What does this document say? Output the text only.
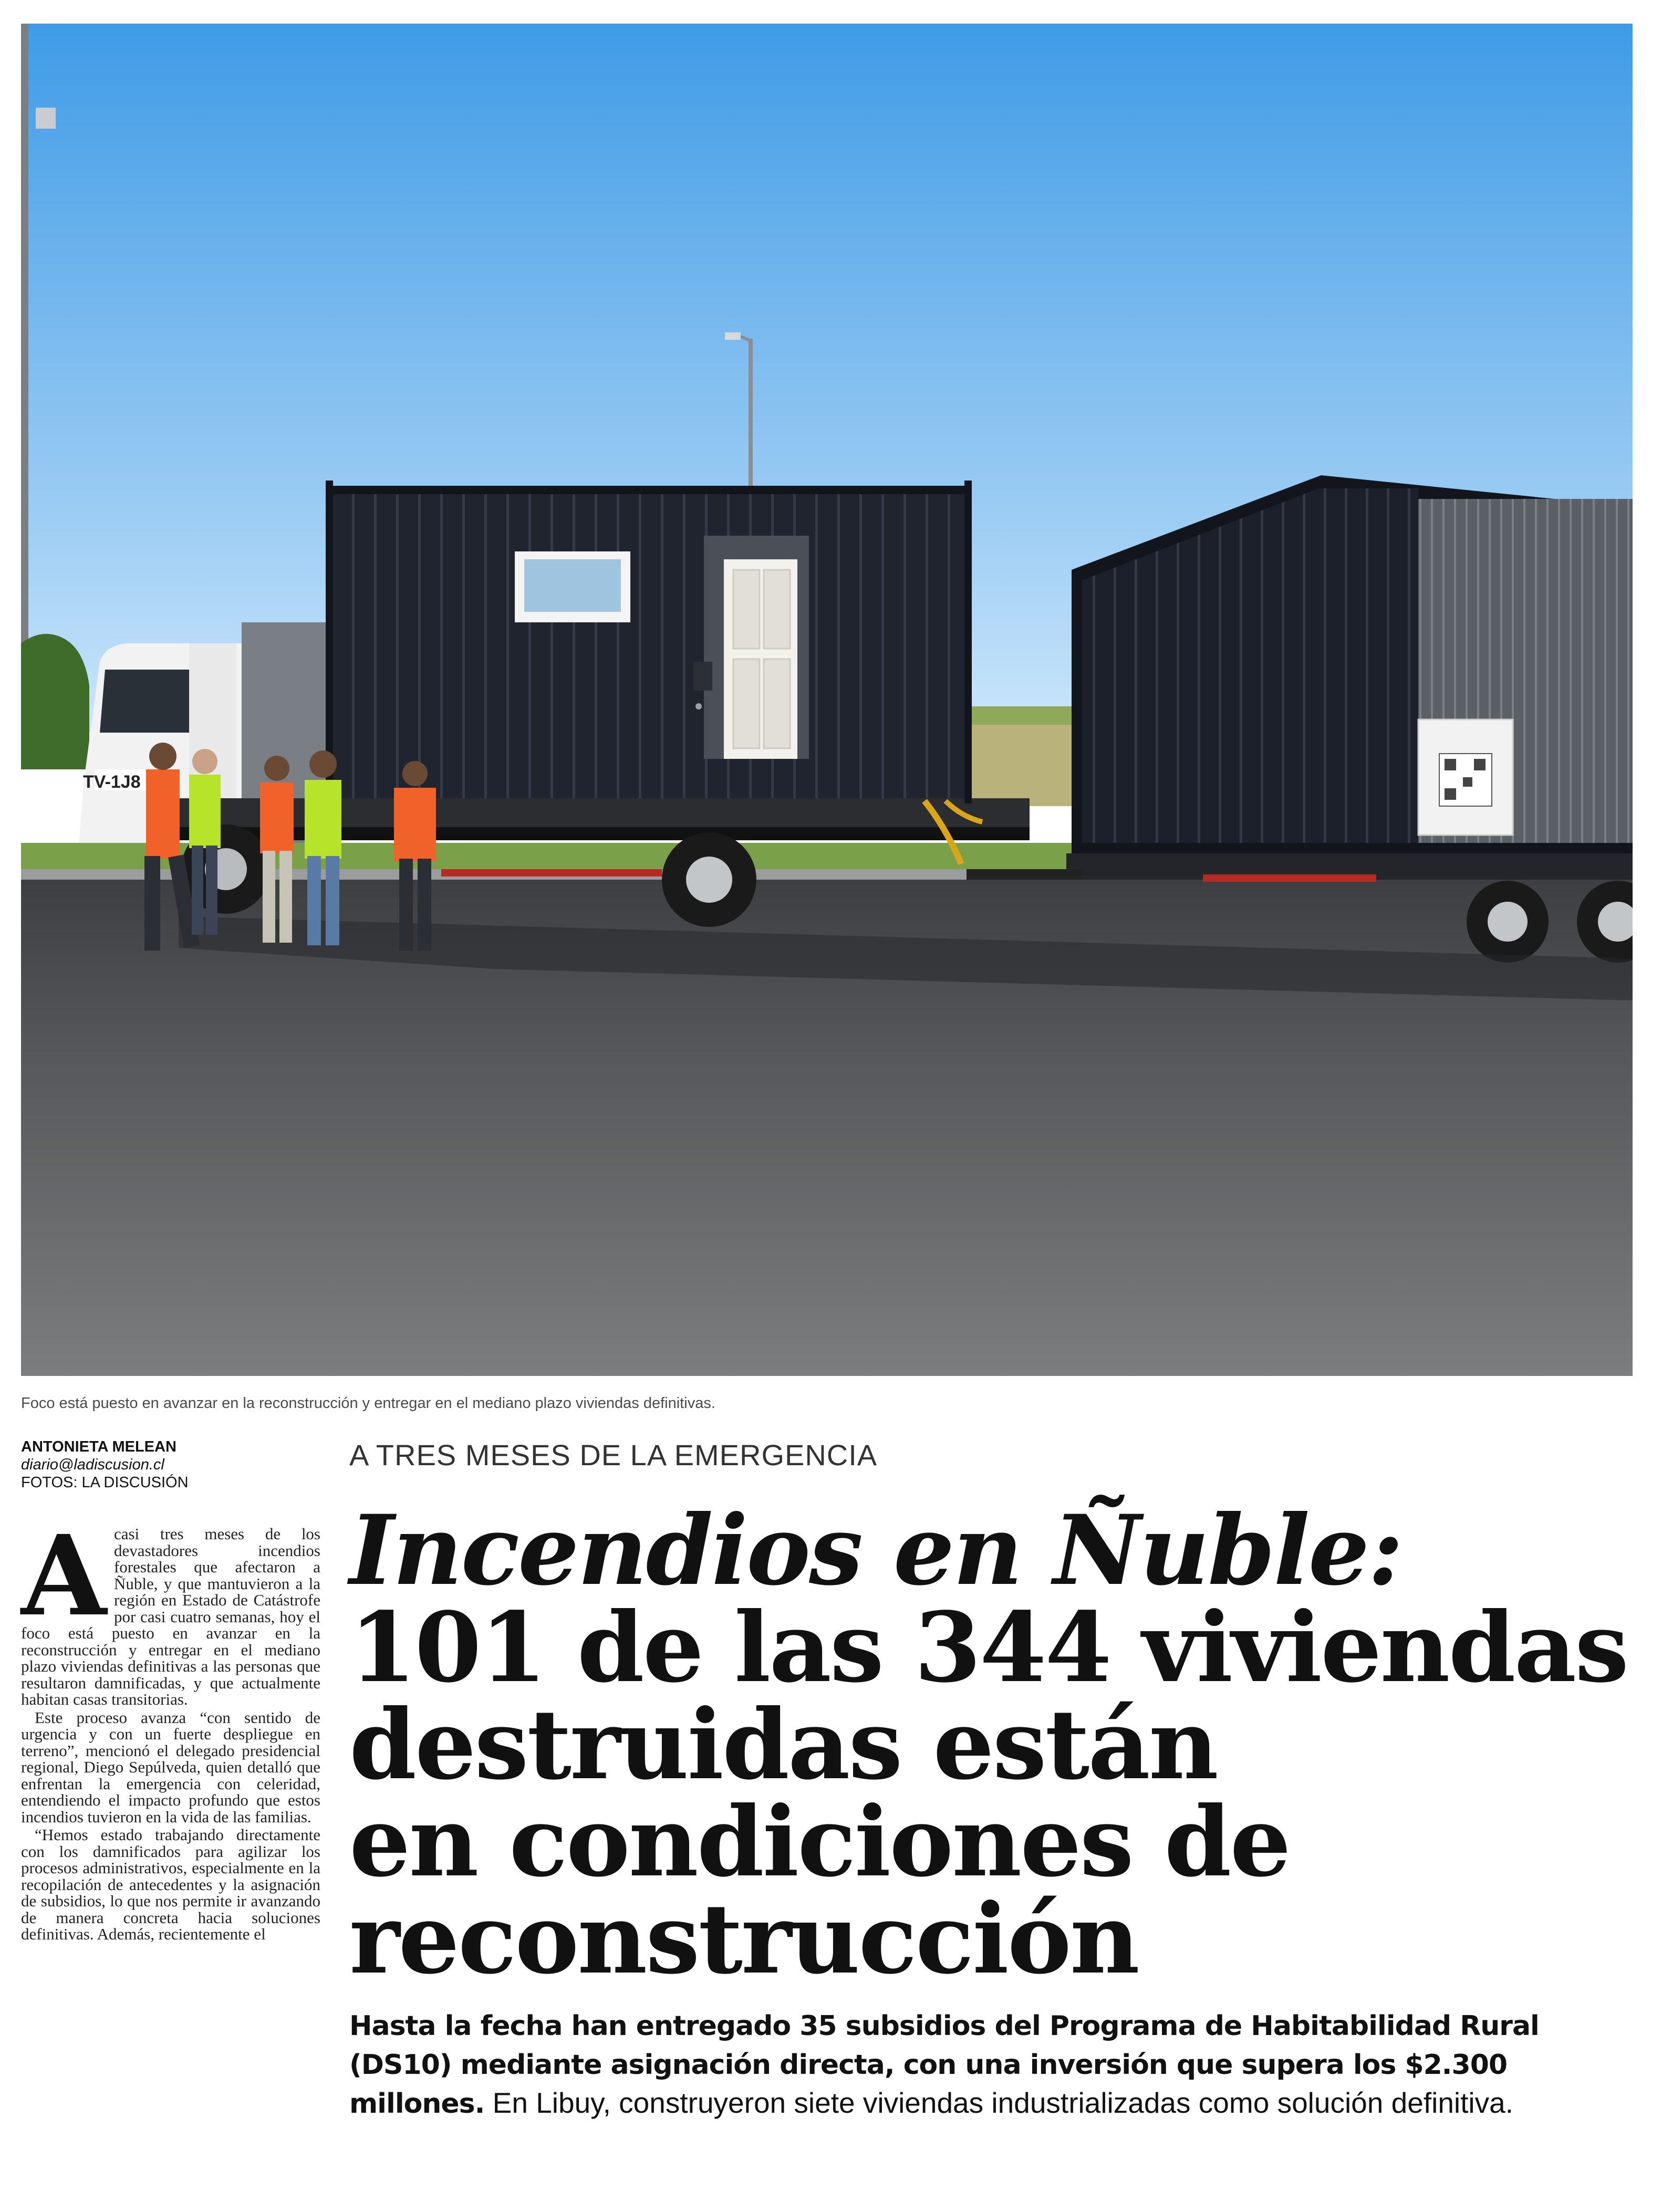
TV-1J8
Foco está puesto en avanzar en la reconstrucción y entregar en el mediano plazo viviendas definitivas.
ANTONIETA MELEAN
diario@ladiscusion.cl
FOTOS: LA DISCUSIÓN
A TRES MESES DE LA EMERGENCIA
Incendios en Ñuble:
101 de las 344 viviendas
destruidas están
en condiciones de
reconstrucción

Acasi tres meses de los devastadores incendios forestales que afectaron a Ñuble, y que mantuvieron a la región en Estado de Catástrofe por casi cuatro semanas, hoy el foco está puesto en avanzar en la reconstrucción y entregar en el mediano plazo viviendas definitivas a las personas que resultaron damnificadas, y que actualmente habitan casas transitorias.

Este proceso avanza “con sentido de urgencia y con un fuerte despliegue en terreno”, mencionó el delegado presidencial regional, Diego Sepúlveda, quien detalló que enfrentan la emergencia con celeridad, entendiendo el impacto profundo que estos incendios tuvieron en la vida de las familias.

“Hemos estado trabajando directamente con los damnificados para agilizar los procesos administrativos, especialmente en la recopilación de antecedentes y la asignación de subsidios, lo que nos permite ir avanzando de manera concreta hacia soluciones definitivas. Además, recientemente el

Hasta la fecha han entregado 35 subsidios del Programa de Habitabilidad Rural (DS10) mediante asignación directa, con una inversión que supera los $2.300 millones. En Libuy, construyeron siete viviendas industrializadas como solución definitiva.
